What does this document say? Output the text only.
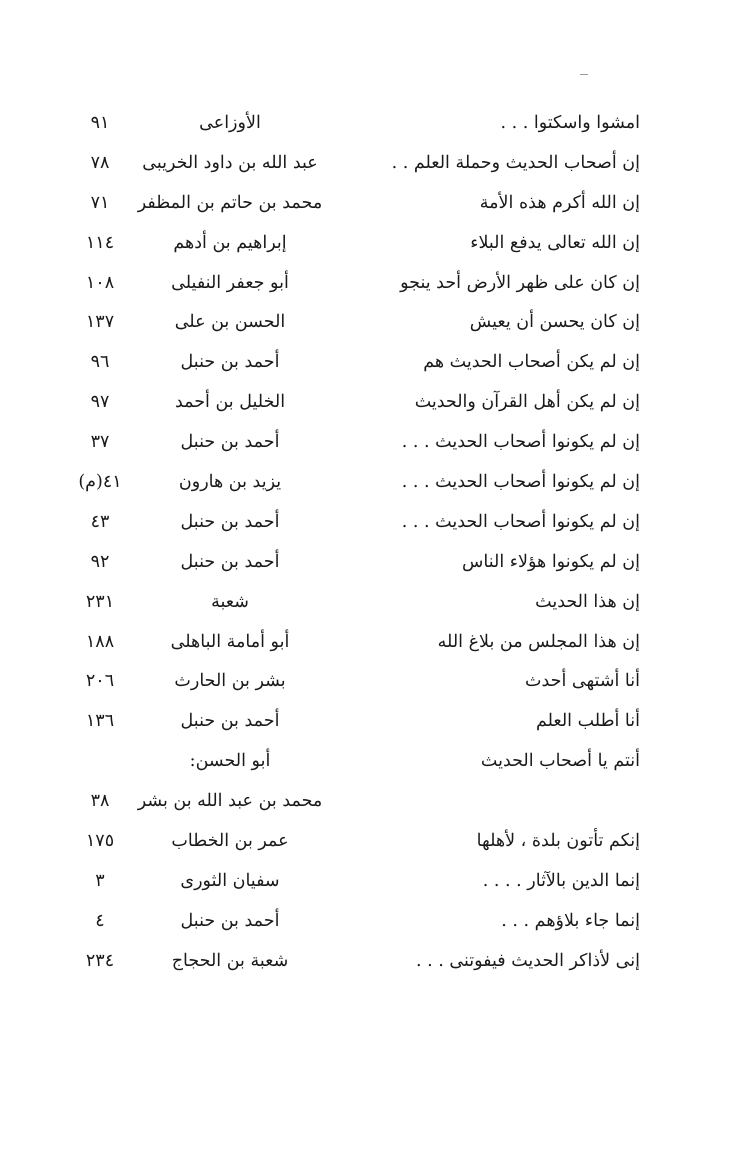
امشوا واسكتوا . . .
الأوزاعى
٩١
إن أصحاب الحديث وحملة العلم . .
عبد الله بن داود الخريبى
٧٨
إن الله أكرم هذه الأمة
محمد بن حاتم بن المظفر
٧١
إن الله تعالى يدفع البلاء
إبراهيم بن أدهم
١١٤
إن كان على ظهر الأرض أحد ينجو
أبو جعفر النفيلى
١٠٨
إن كان يحسن أن يعيش
الحسن بن على
١٣٧
إن لم يكن أصحاب الحديث هم
أحمد بن حنبل
٩٦
إن لم يكن أهل القرآن والحديث
الخليل بن أحمد
٩٧
إن لم يكونوا أصحاب الحديث . . .
أحمد بن حنبل
٣٧
إن لم يكونوا أصحاب الحديث . . .
يزيد بن هارون
٤١(م)
إن لم يكونوا أصحاب الحديث . . .
أحمد بن حنبل
٤٣
إن لم يكونوا هؤلاء الناس
أحمد بن حنبل
٩٢
إن هذا الحديث
شعبة
٢٣١
إن هذا المجلس من بلاغ الله
أبو أمامة الباهلى
١٨٨
أنا أشتهى أحدث
بشر بن الحارث
٢٠٦
أنا أطلب العلم
أحمد بن حنبل
١٣٦
أنتم يا أصحاب الحديث
أبو الحسن:
محمد بن عبد الله بن بشر
٣٨
إنكم تأتون بلدة ، لأهلها
عمر بن الخطاب
١٧٥
إنما الدين بالآثار . . . .
سفيان الثورى
٣
إنما جاء بلاؤهم . . .
أحمد بن حنبل
٤
إنى لأذاكر الحديث فيفوتنى . . .
شعبة بن الحجاج
٢٣٤
